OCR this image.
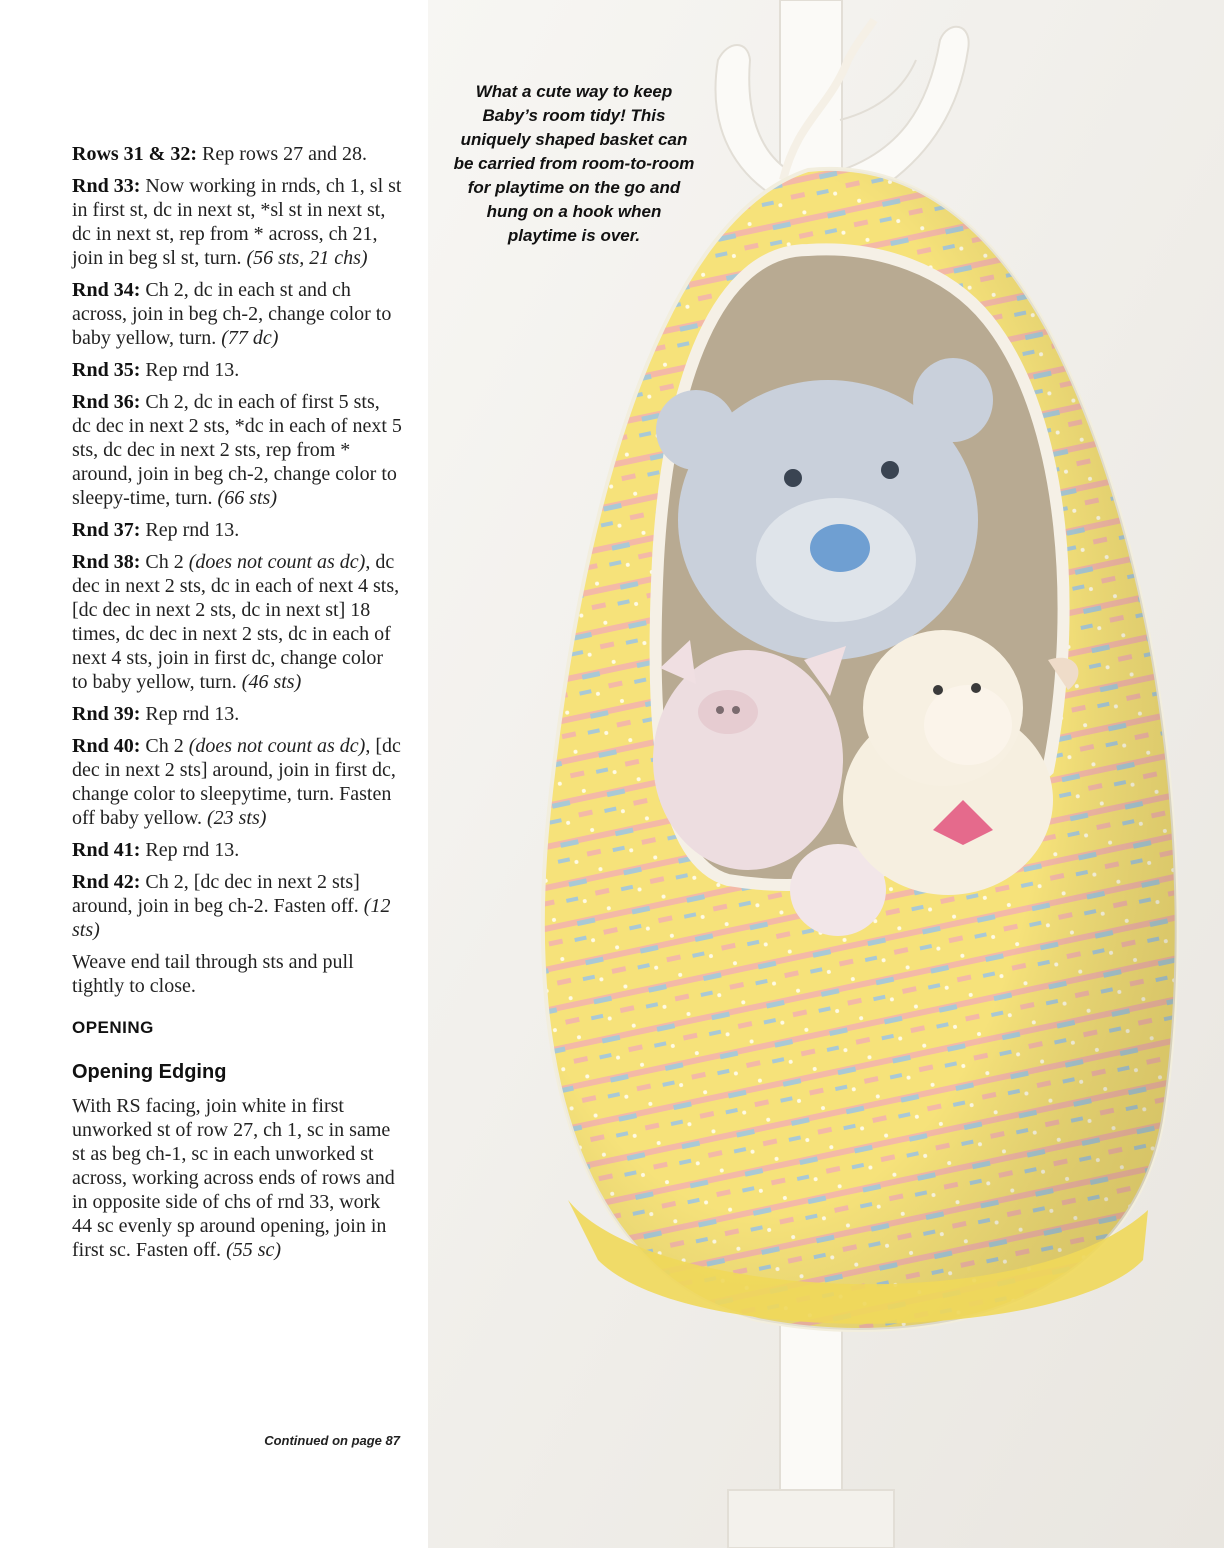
Rows 31 & 32: Rep rows 27 and 28.

Rnd 33: Now working in rnds, ch 1, sl st in first st, dc in next st, *sl st in next st, dc in next st, rep from * across, ch 21, join in beg sl st, turn. (56 sts, 21 chs)

Rnd 34: Ch 2, dc in each st and ch across, join in beg ch-2, change color to baby yellow, turn. (77 dc)

Rnd 35: Rep rnd 13.

Rnd 36: Ch 2, dc in each of first 5 sts, dc dec in next 2 sts, *dc in each of next 5 sts, dc dec in next 2 sts, rep from * around, join in beg ch-2, change color to sleepy-time, turn. (66 sts)

Rnd 37: Rep rnd 13.

Rnd 38: Ch 2 (does not count as dc), dc dec in next 2 sts, dc in each of next 4 sts, [dc dec in next 2 sts, dc in next st] 18 times, dc dec in next 2 sts, dc in each of next 4 sts, join in first dc, change color to baby yellow, turn. (46 sts)

Rnd 39: Rep rnd 13.

Rnd 40: Ch 2 (does not count as dc), [dc dec in next 2 sts] around, join in first dc, change color to sleepytime, turn. Fasten off baby yellow. (23 sts)

Rnd 41: Rep rnd 13.

Rnd 42: Ch 2, [dc dec in next 2 sts] around, join in beg ch-2. Fasten off. (12 sts)

Weave end tail through sts and pull tightly to close.

OPENING
Opening Edging

With RS facing, join white in first unworked st of row 27, ch 1, sc in same st as beg ch-1, sc in each unworked st across, working across ends of rows and in opposite side of chs of rnd 33, work 44 sc evenly sp around opening, join in first sc. Fasten off. (55 sc)

Continued on page 87
What a cute way to keep Baby’s room tidy! This uniquely shaped basket can be carried from room-to-room for playtime on the go and hung on a hook when playtime is over.
